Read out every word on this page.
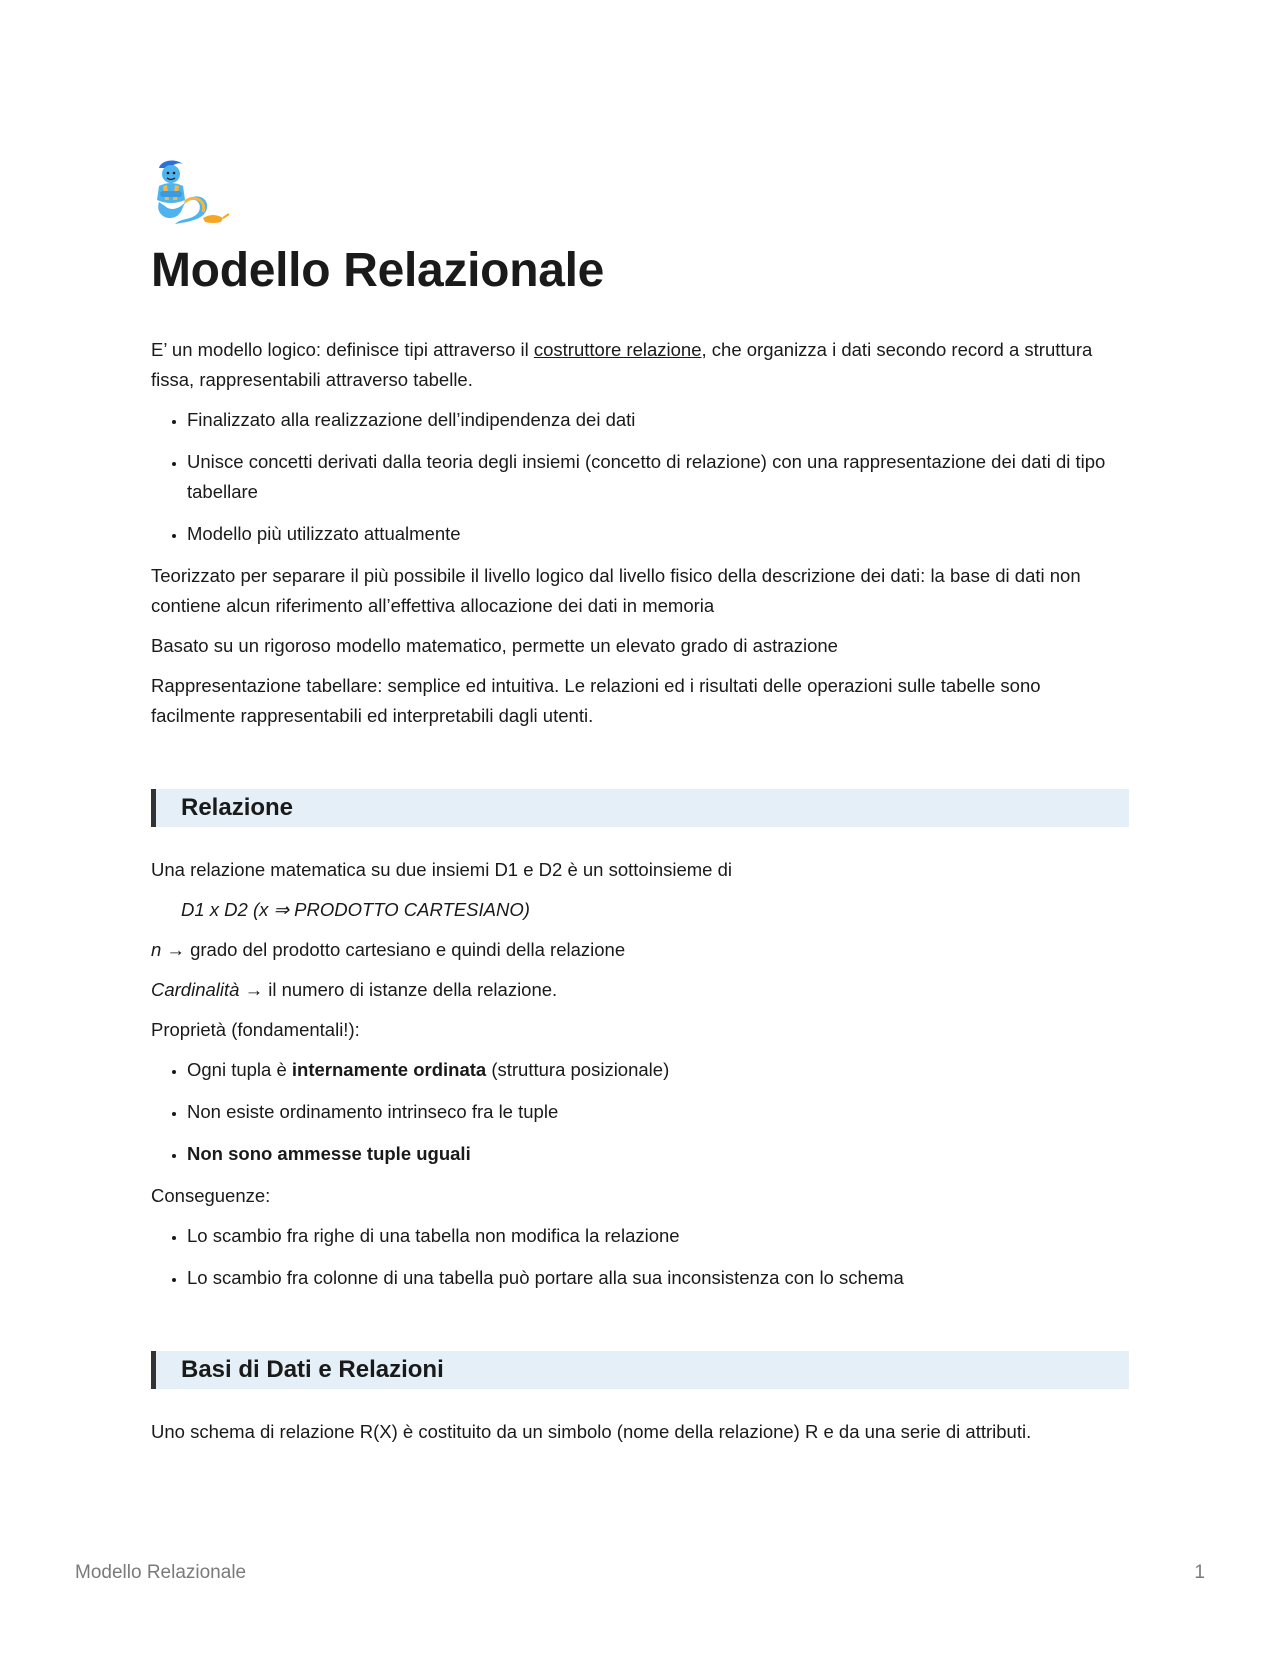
Modello Relazionale

E’ un modello logico: definisce tipi attraverso il costruttore relazione, che organizza i dati secondo record a struttura fissa, rappresentabili attraverso tabelle.

• Finalizzato alla realizzazione dell’indipendenza dei dati
• Unisce concetti derivati dalla teoria degli insiemi (concetto di relazione) con una rappresentazione dei dati di tipo tabellare
• Modello più utilizzato attualmente

Teorizzato per separare il più possibile il livello logico dal livello fisico della descrizione dei dati: la base di dati non contiene alcun riferimento all’effettiva allocazione dei dati in memoria

Basato su un rigoroso modello matematico, permette un elevato grado di astrazione

Rappresentazione tabellare: semplice ed intuitiva. Le relazioni ed i risultati delle operazioni sulle tabelle sono facilmente rappresentabili ed interpretabili dagli utenti.

Relazione

Una relazione matematica su due insiemi D1 e D2 è un sottoinsieme di

D1 x D2 (x ⇒ PRODOTTO CARTESIANO)

n → grado del prodotto cartesiano e quindi della relazione

Cardinalità → il numero di istanze della relazione.

Proprietà (fondamentali!):

• Ogni tupla è internamente ordinata (struttura posizionale)
• Non esiste ordinamento intrinseco fra le tuple
• Non sono ammesse tuple uguali

Conseguenze:

• Lo scambio fra righe di una tabella non modifica la relazione
• Lo scambio fra colonne di una tabella può portare alla sua inconsistenza con lo schema
Basi di Dati e Relazioni

Uno schema di relazione R(X) è costituito da un simbolo (nome della relazione) R e da una serie di attributi.

Modello Relazionale	1
